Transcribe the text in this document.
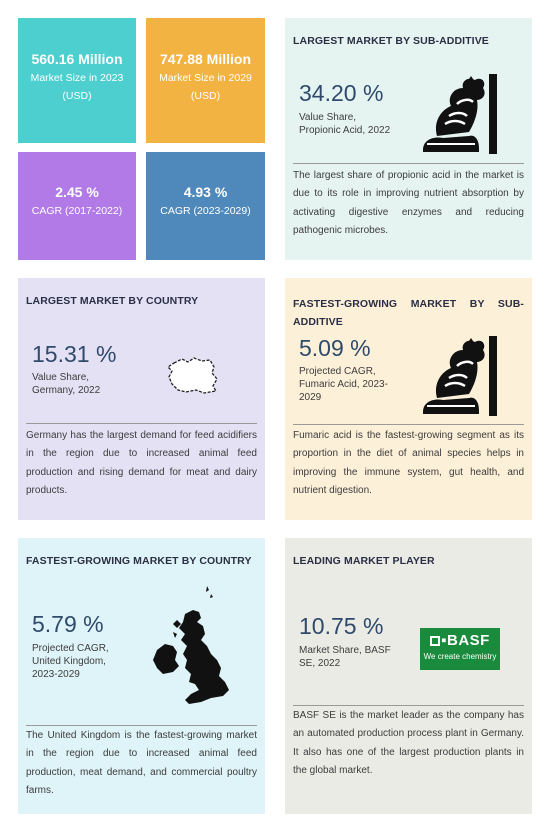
560.16 Million
Market Size in 2023
(USD)
747.88 Million
Market Size in 2029
(USD)
2.45 %
CAGR (2017-2022)
4.93 %
CAGR (2023-2029)
LARGEST MARKET BY SUB-ADDITIVE
34.20 %
Value Share,
Propionic Acid, 2022
The largest share of propionic acid in the market is due to its role in improving nutrient absorption by activating digestive enzymes and reducing pathogenic microbes.
LARGEST MARKET BY COUNTRY
15.31 %
Value Share,
Germany, 2022
Germany has the largest demand for feed acidifiers in the region due to increased animal feed production and rising demand for meat and dairy products.
FASTEST-GROWING MARKET BY SUB-
ADDITIVE
5.09 %
Projected CAGR,
Fumaric Acid, 2023-
2029
Fumaric acid is the fastest-growing segment as its proportion in the diet of animal species helps in improving the immune system, gut health, and nutrient digestion.
FASTEST-GROWING MARKET BY COUNTRY
5.79 %
Projected CAGR,
United Kingdom,
2023-2029
The United Kingdom is the fastest-growing market in the region due to increased animal feed production, meat demand, and commercial poultry farms.
LEADING MARKET PLAYER
10.75 %
Market Share, BASF
SE, 2022
▪BASF
We create chemistry
BASF SE is the market leader as the company has an automated production process plant in Germany. It also has one of the largest production plants in the global market.
